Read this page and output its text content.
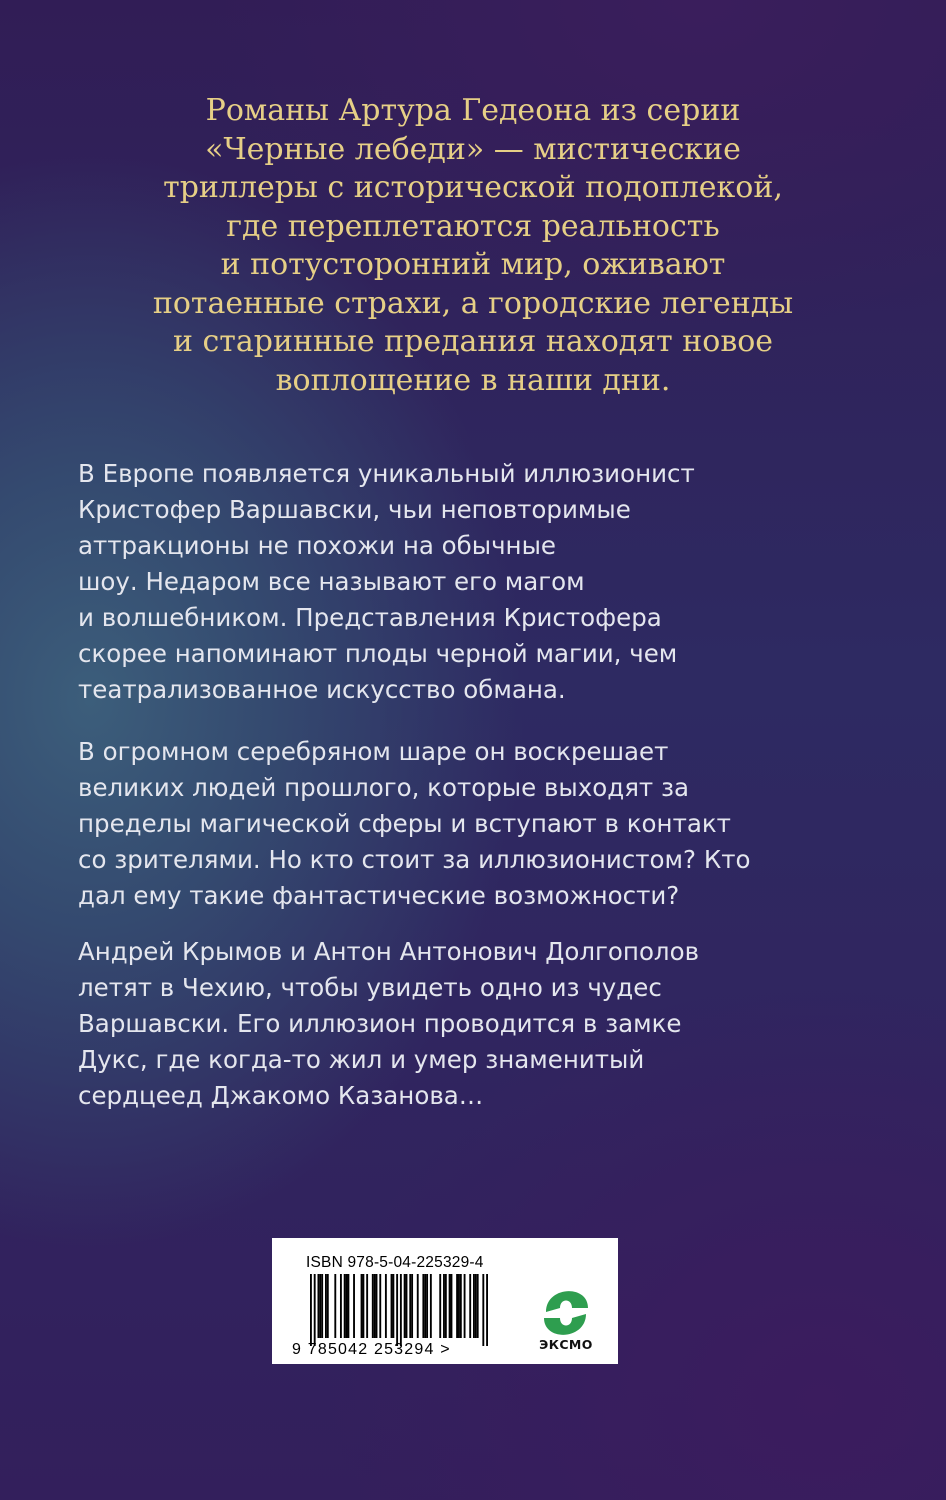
Романы Артура Гедеона из серии
«Черные лебеди» — мистические
триллеры с исторической подоплекой,
где переплетаются реальность
и потусторонний мир, оживают
потаенные страхи, а городские легенды
и старинные предания находят новое
воплощение в наши дни.

В Европе появляется уникальный иллюзионист
Кристофер Варшавски, чьи неповторимые
аттракционы не похожи на обычные
шоу. Недаром все называют его магом
и волшебником. Представления Кристофера
скорее напоминают плоды черной магии, чем
театрализованное искусство обмана.

В огромном серебряном шаре он воскрешает
великих людей прошлого, которые выходят за
пределы магической сферы и вступают в контакт
со зрителями. Но кто стоит за иллюзионистом? Кто
дал ему такие фантастические возможности?

Андрей Крымов и Антон Антонович Долгополов
летят в Чехию, чтобы увидеть одно из чудес
Варшавски. Его иллюзион проводится в замке
Дукс, где когда-то жил и умер знаменитый
сердцеед Джакомо Казанова…

ISBN 978-5-04-225329-4
9 785042 253294 >	ЭКСМО
